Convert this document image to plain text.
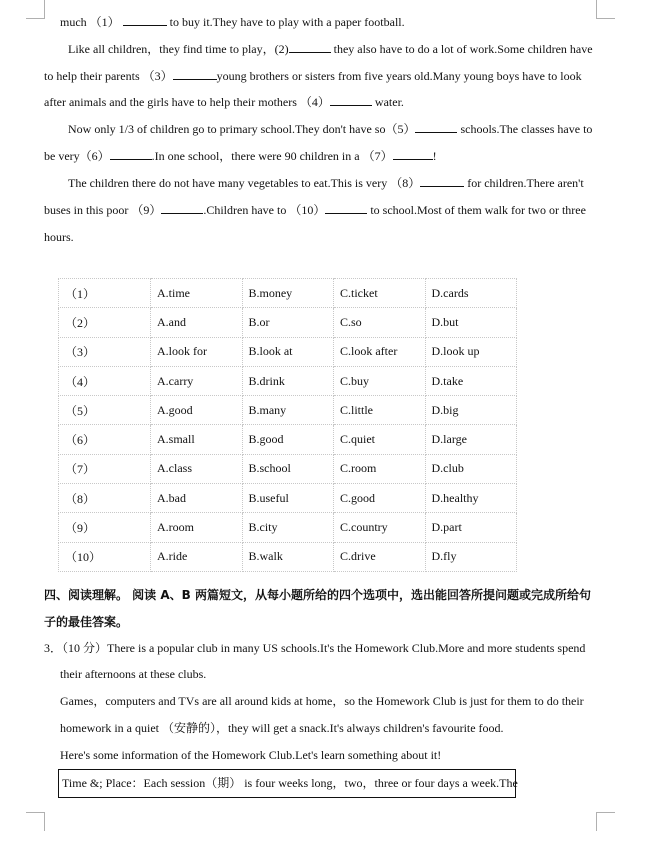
much （1）	to buy it.They have to play with a paper football.
Like all children，they find time to play，(2)	they also have to do a lot of work.Some children have
to help their parents （3）	young brothers or sisters from five years old.Many young boys have to look
after animals and the girls have to help their mothers （4）	water.
Now only 1/3 of children go to primary school.They don't have so（5）	schools.The classes have to
be very（6）	.In one school，there were 90 children in a （7）	!
The children there do not have many vegetables to eat.This is very （8）	for children.There aren't
buses in this poor （9）	.Children have to （10）	to school.Most of them walk for two or three
hours.
（1）	A.time	B.money	C.ticket	D.cards
（2）	A.and	B.or	C.so	D.but
（3）	A.look for	B.look at	C.look after	D.look up
（4）	A.carry	B.drink	C.buy	D.take
（5）	A.good	B.many	C.little	D.big
（6）	A.small	B.good	C.quiet	D.large
（7）	A.class	B.school	C.room	D.club
（8）	A.bad	B.useful	C.good	D.healthy
（9）	A.room	B.city	C.country	D.part
（10）	A.ride	B.walk	C.drive	D.fly
四、阅读理解。 阅读 A、B 两篇短文，从每小题所给的四个选项中，选出能回答所提问题或完成所给句
子的最佳答案。
3．（10 分）There is a popular club in many US schools.It's the Homework Club.More and more students spend
their afternoons at these clubs.
Games，computers and TVs are all around kids at home，so the Homework Club is just for them to do their
homework in a quiet （安静的），they will get a snack.It's always children's favourite food.
Here's some information of the Homework Club.Let's learn something about it!
Time &; Place：Each session（期） is four weeks long，two，three or four days a week.The
